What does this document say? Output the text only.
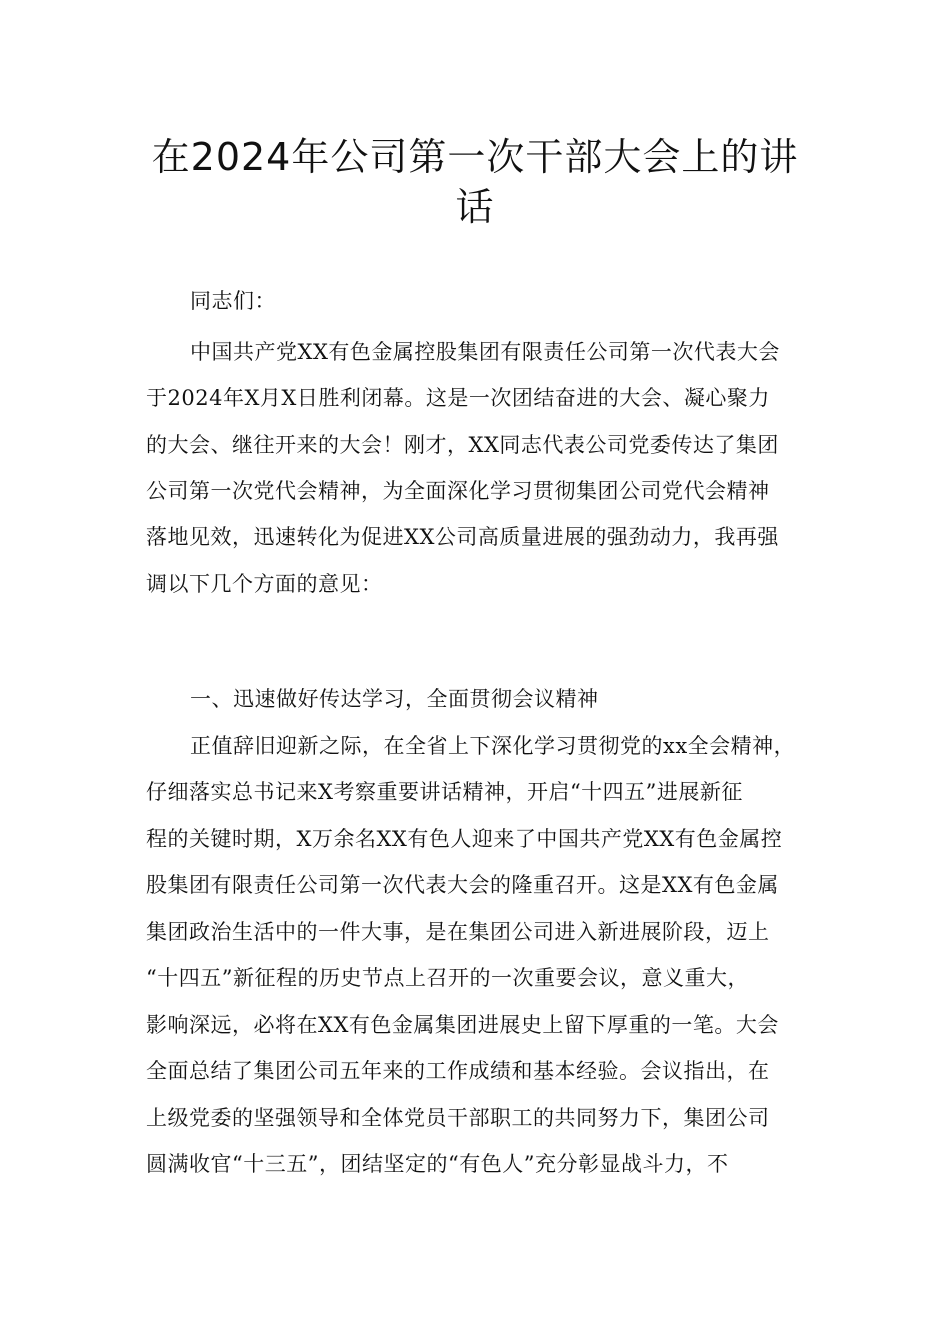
在2024年公司第一次干部大会上的讲
话
同志们：
中国共产党XX有色金属控股集团有限责任公司第一次代表大会
于2024年X月X日胜利闭幕。这是一次团结奋进的大会、凝心聚力
的大会、继往开来的大会！刚才，XX同志代表公司党委传达了集团
公司第一次党代会精神，为全面深化学习贯彻集团公司党代会精神
落地见效，迅速转化为促进XX公司高质量进展的强劲动力，我再强
调以下几个方面的意见：
一、迅速做好传达学习，全面贯彻会议精神
正值辞旧迎新之际，在全省上下深化学习贯彻党的xx全会精神，
仔细落实总书记来X考察重要讲话精神，开启“十四五”进展新征
程的关键时期，X万余名XX有色人迎来了中国共产党XX有色金属控
股集团有限责任公司第一次代表大会的隆重召开。这是XX有色金属
集团政治生活中的一件大事，是在集团公司进入新进展阶段，迈上
“十四五”新征程的历史节点上召开的一次重要会议，意义重大，
影响深远，必将在XX有色金属集团进展史上留下厚重的一笔。大会
全面总结了集团公司五年来的工作成绩和基本经验。会议指出，在
上级党委的坚强领导和全体党员干部职工的共同努力下，集团公司
圆满收官“十三五”，团结坚定的“有色人”充分彰显战斗力，不
